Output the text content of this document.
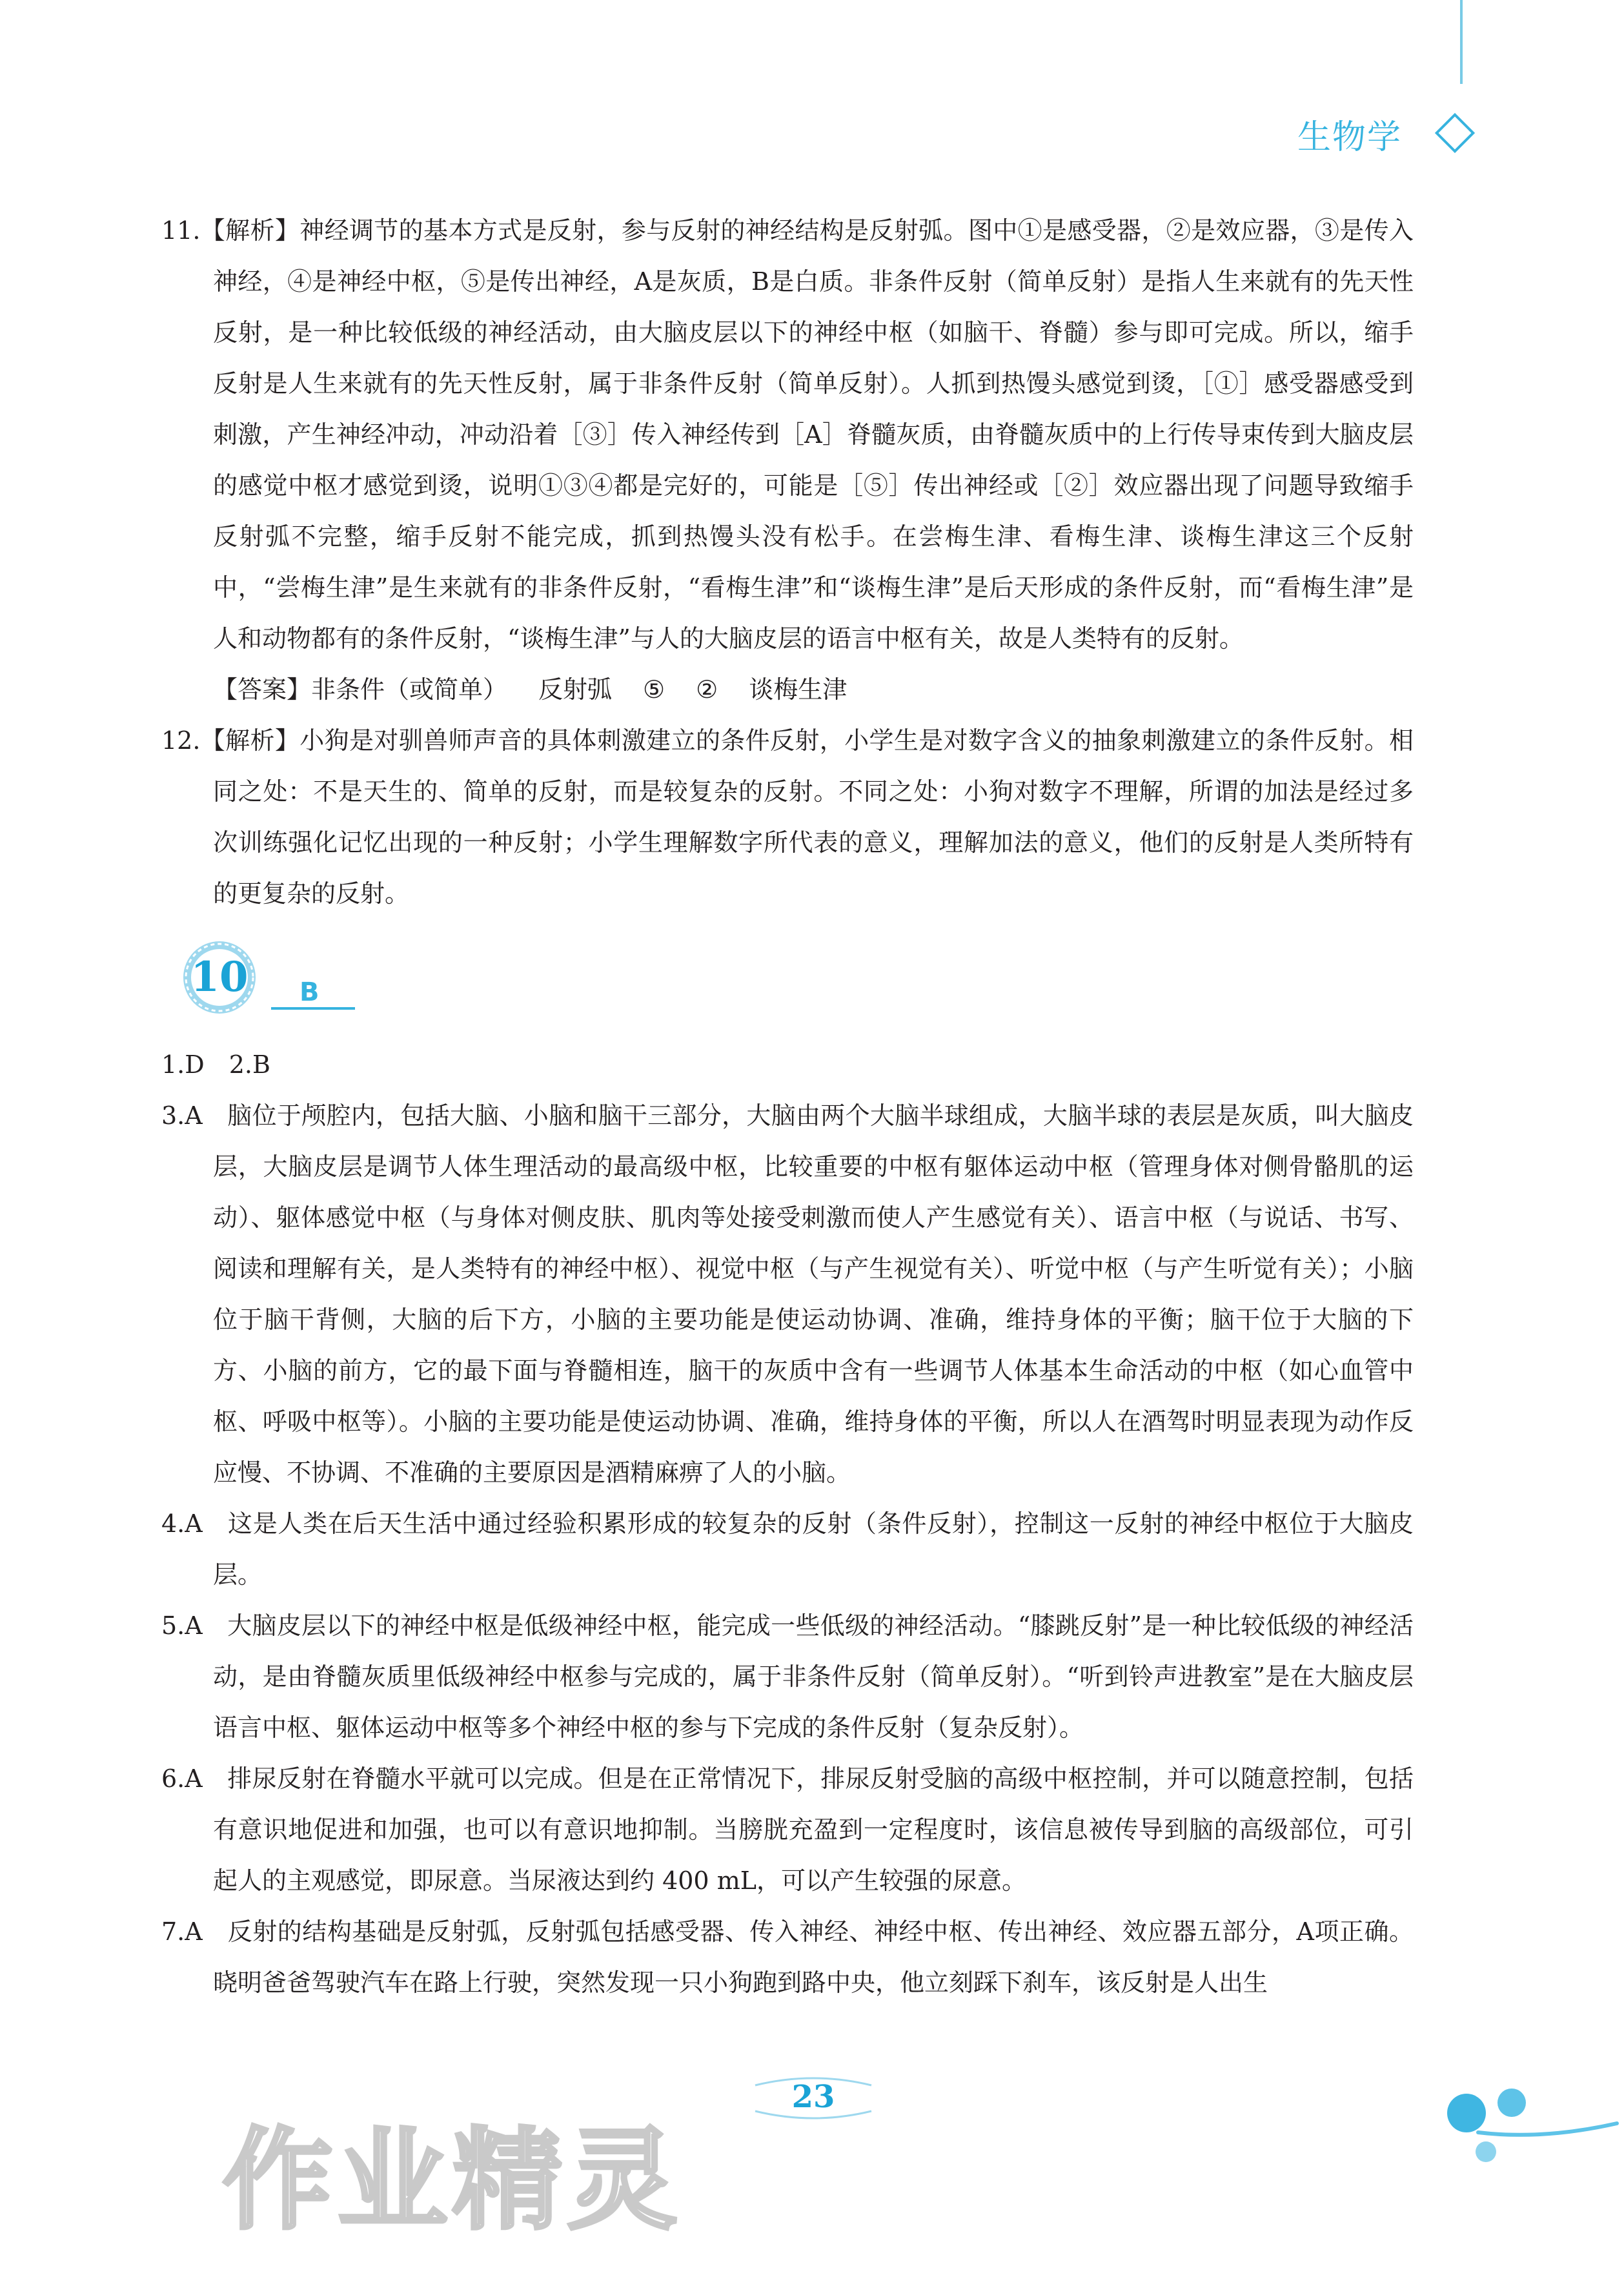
生物学

11.【解析】神经调节的基本方式是反射，参与反射的神经结构是反射弧。图中①是感受器，②是效应器，③是传入神经，④是神经中枢，⑤是传出神经，A是灰质，B是白质。非条件反射（简单反射）是指人生来就有的先天性反射，是一种比较低级的神经活动，由大脑皮层以下的神经中枢（如脑干、脊髓）参与即可完成。所以，缩手反射是人生来就有的先天性反射，属于非条件反射（简单反射）。人抓到热馒头感觉到烫，［①］感受器感受到刺激，产生神经冲动，冲动沿着［③］传入神经传到［A］脊髓灰质，由脊髓灰质中的上行传导束传到大脑皮层的感觉中枢才感觉到烫，说明①③④都是完好的，可能是［⑤］传出神经或［②］效应器出现了问题导致缩手反射弧不完整，缩手反射不能完成，抓到热馒头没有松手。在尝梅生津、看梅生津、谈梅生津这三个反射中，“尝梅生津”是生来就有的非条件反射，“看梅生津”和“谈梅生津”是后天形成的条件反射，而“看梅生津”是人和动物都有的条件反射，“谈梅生津”与人的大脑皮层的语言中枢有关，故是人类特有的反射。

【答案】非条件（或简单） 反射弧 ⑤ ② 谈梅生津

12.【解析】小狗是对驯兽师声音的具体刺激建立的条件反射，小学生是对数字含义的抽象刺激建立的条件反射。相同之处：不是天生的、简单的反射，而是较复杂的反射。不同之处：小狗对数字不理解，所谓的加法是经过多次训练强化记忆出现的一种反射；小学生理解数字所代表的意义，理解加法的意义，他们的反射是人类所特有的更复杂的反射。

10	B

1.D　2.B

3.A　脑位于颅腔内，包括大脑、小脑和脑干三部分，大脑由两个大脑半球组成，大脑半球的表层是灰质，叫大脑皮层，大脑皮层是调节人体生理活动的最高级中枢，比较重要的中枢有躯体运动中枢（管理身体对侧骨骼肌的运动）、躯体感觉中枢（与身体对侧皮肤、肌肉等处接受刺激而使人产生感觉有关）、语言中枢（与说话、书写、阅读和理解有关，是人类特有的神经中枢）、视觉中枢（与产生视觉有关）、听觉中枢（与产生听觉有关）；小脑位于脑干背侧，大脑的后下方，小脑的主要功能是使运动协调、准确，维持身体的平衡；脑干位于大脑的下方、小脑的前方，它的最下面与脊髓相连，脑干的灰质中含有一些调节人体基本生命活动的中枢（如心血管中枢、呼吸中枢等）。小脑的主要功能是使运动协调、准确，维持身体的平衡，所以人在酒驾时明显表现为动作反应慢、不协调、不准确的主要原因是酒精麻痹了人的小脑。

4.A　这是人类在后天生活中通过经验积累形成的较复杂的反射（条件反射），控制这一反射的神经中枢位于大脑皮层。

5.A　大脑皮层以下的神经中枢是低级神经中枢，能完成一些低级的神经活动。“膝跳反射”是一种比较低级的神经活动，是由脊髓灰质里低级神经中枢参与完成的，属于非条件反射（简单反射）。“听到铃声进教室”是在大脑皮层语言中枢、躯体运动中枢等多个神经中枢的参与下完成的条件反射（复杂反射）。

6.A　排尿反射在脊髓水平就可以完成。但是在正常情况下，排尿反射受脑的高级中枢控制，并可以随意控制，包括有意识地促进和加强，也可以有意识地抑制。当膀胱充盈到一定程度时，该信息被传导到脑的高级部位，可引起人的主观感觉，即尿意。当尿液达到约 400 mL，可以产生较强的尿意。

7.A　反射的结构基础是反射弧，反射弧包括感受器、传入神经、神经中枢、传出神经、效应器五部分，A项正确。晓明爸爸驾驶汽车在路上行驶，突然发现一只小狗跑到路中央，他立刻踩下刹车，该反射是人出生

23
作业精灵
